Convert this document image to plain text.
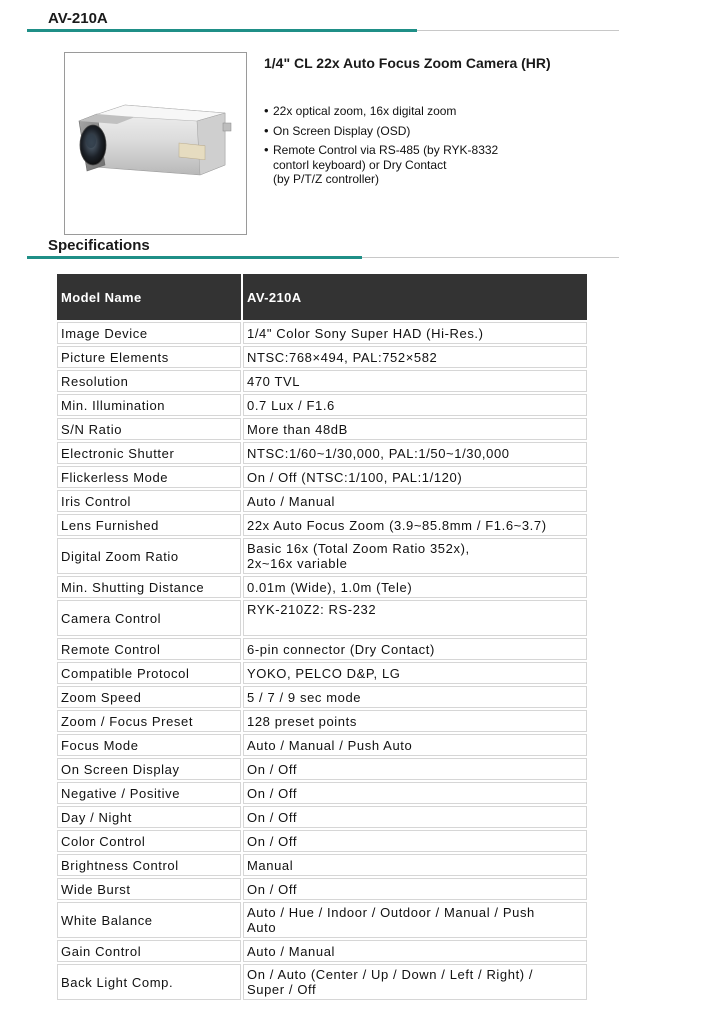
AV-210A
1/4" CL 22x Auto Focus Zoom Camera (HR)
• 22x optical zoom, 16x digital zoom
• On Screen Display (OSD)
• Remote Control via RS-485 (by RYK-8332
contorl keyboard) or Dry Contact
(by P/T/Z controller)
Specifications
Model Name	AV-210A
Image Device	1/4" Color Sony Super HAD (Hi-Res.)
Picture Elements	NTSC:768×494, PAL:752×582
Resolution	470 TVL
Min. Illumination	0.7 Lux / F1.6
S/N Ratio	More than 48dB
Electronic Shutter	NTSC:1/60~1/30,000, PAL:1/50~1/30,000
Flickerless Mode	On / Off (NTSC:1/100, PAL:1/120)
Iris Control	Auto / Manual
Lens Furnished	22x Auto Focus Zoom (3.9~85.8mm / F1.6~3.7)
Digital Zoom Ratio	Basic 16x (Total Zoom Ratio 352x),
2x~16x variable
Min. Shutting Distance	0.01m (Wide), 1.0m (Tele)
Camera Control	RYK-210Z2: RS-232
Remote Control	6-pin connector (Dry Contact)
Compatible Protocol	YOKO, PELCO D&P, LG
Zoom Speed	5 / 7 / 9 sec mode
Zoom / Focus Preset	128 preset points
Focus Mode	Auto / Manual / Push Auto
On Screen Display	On / Off
Negative / Positive	On / Off
Day / Night	On / Off
Color Control	On / Off
Brightness Control	Manual
Wide Burst	On / Off
White Balance	Auto / Hue / Indoor / Outdoor / Manual / Push
Auto
Gain Control	Auto / Manual
Back Light Comp.	On / Auto (Center / Up / Down / Left / Right) /
Super / Off
